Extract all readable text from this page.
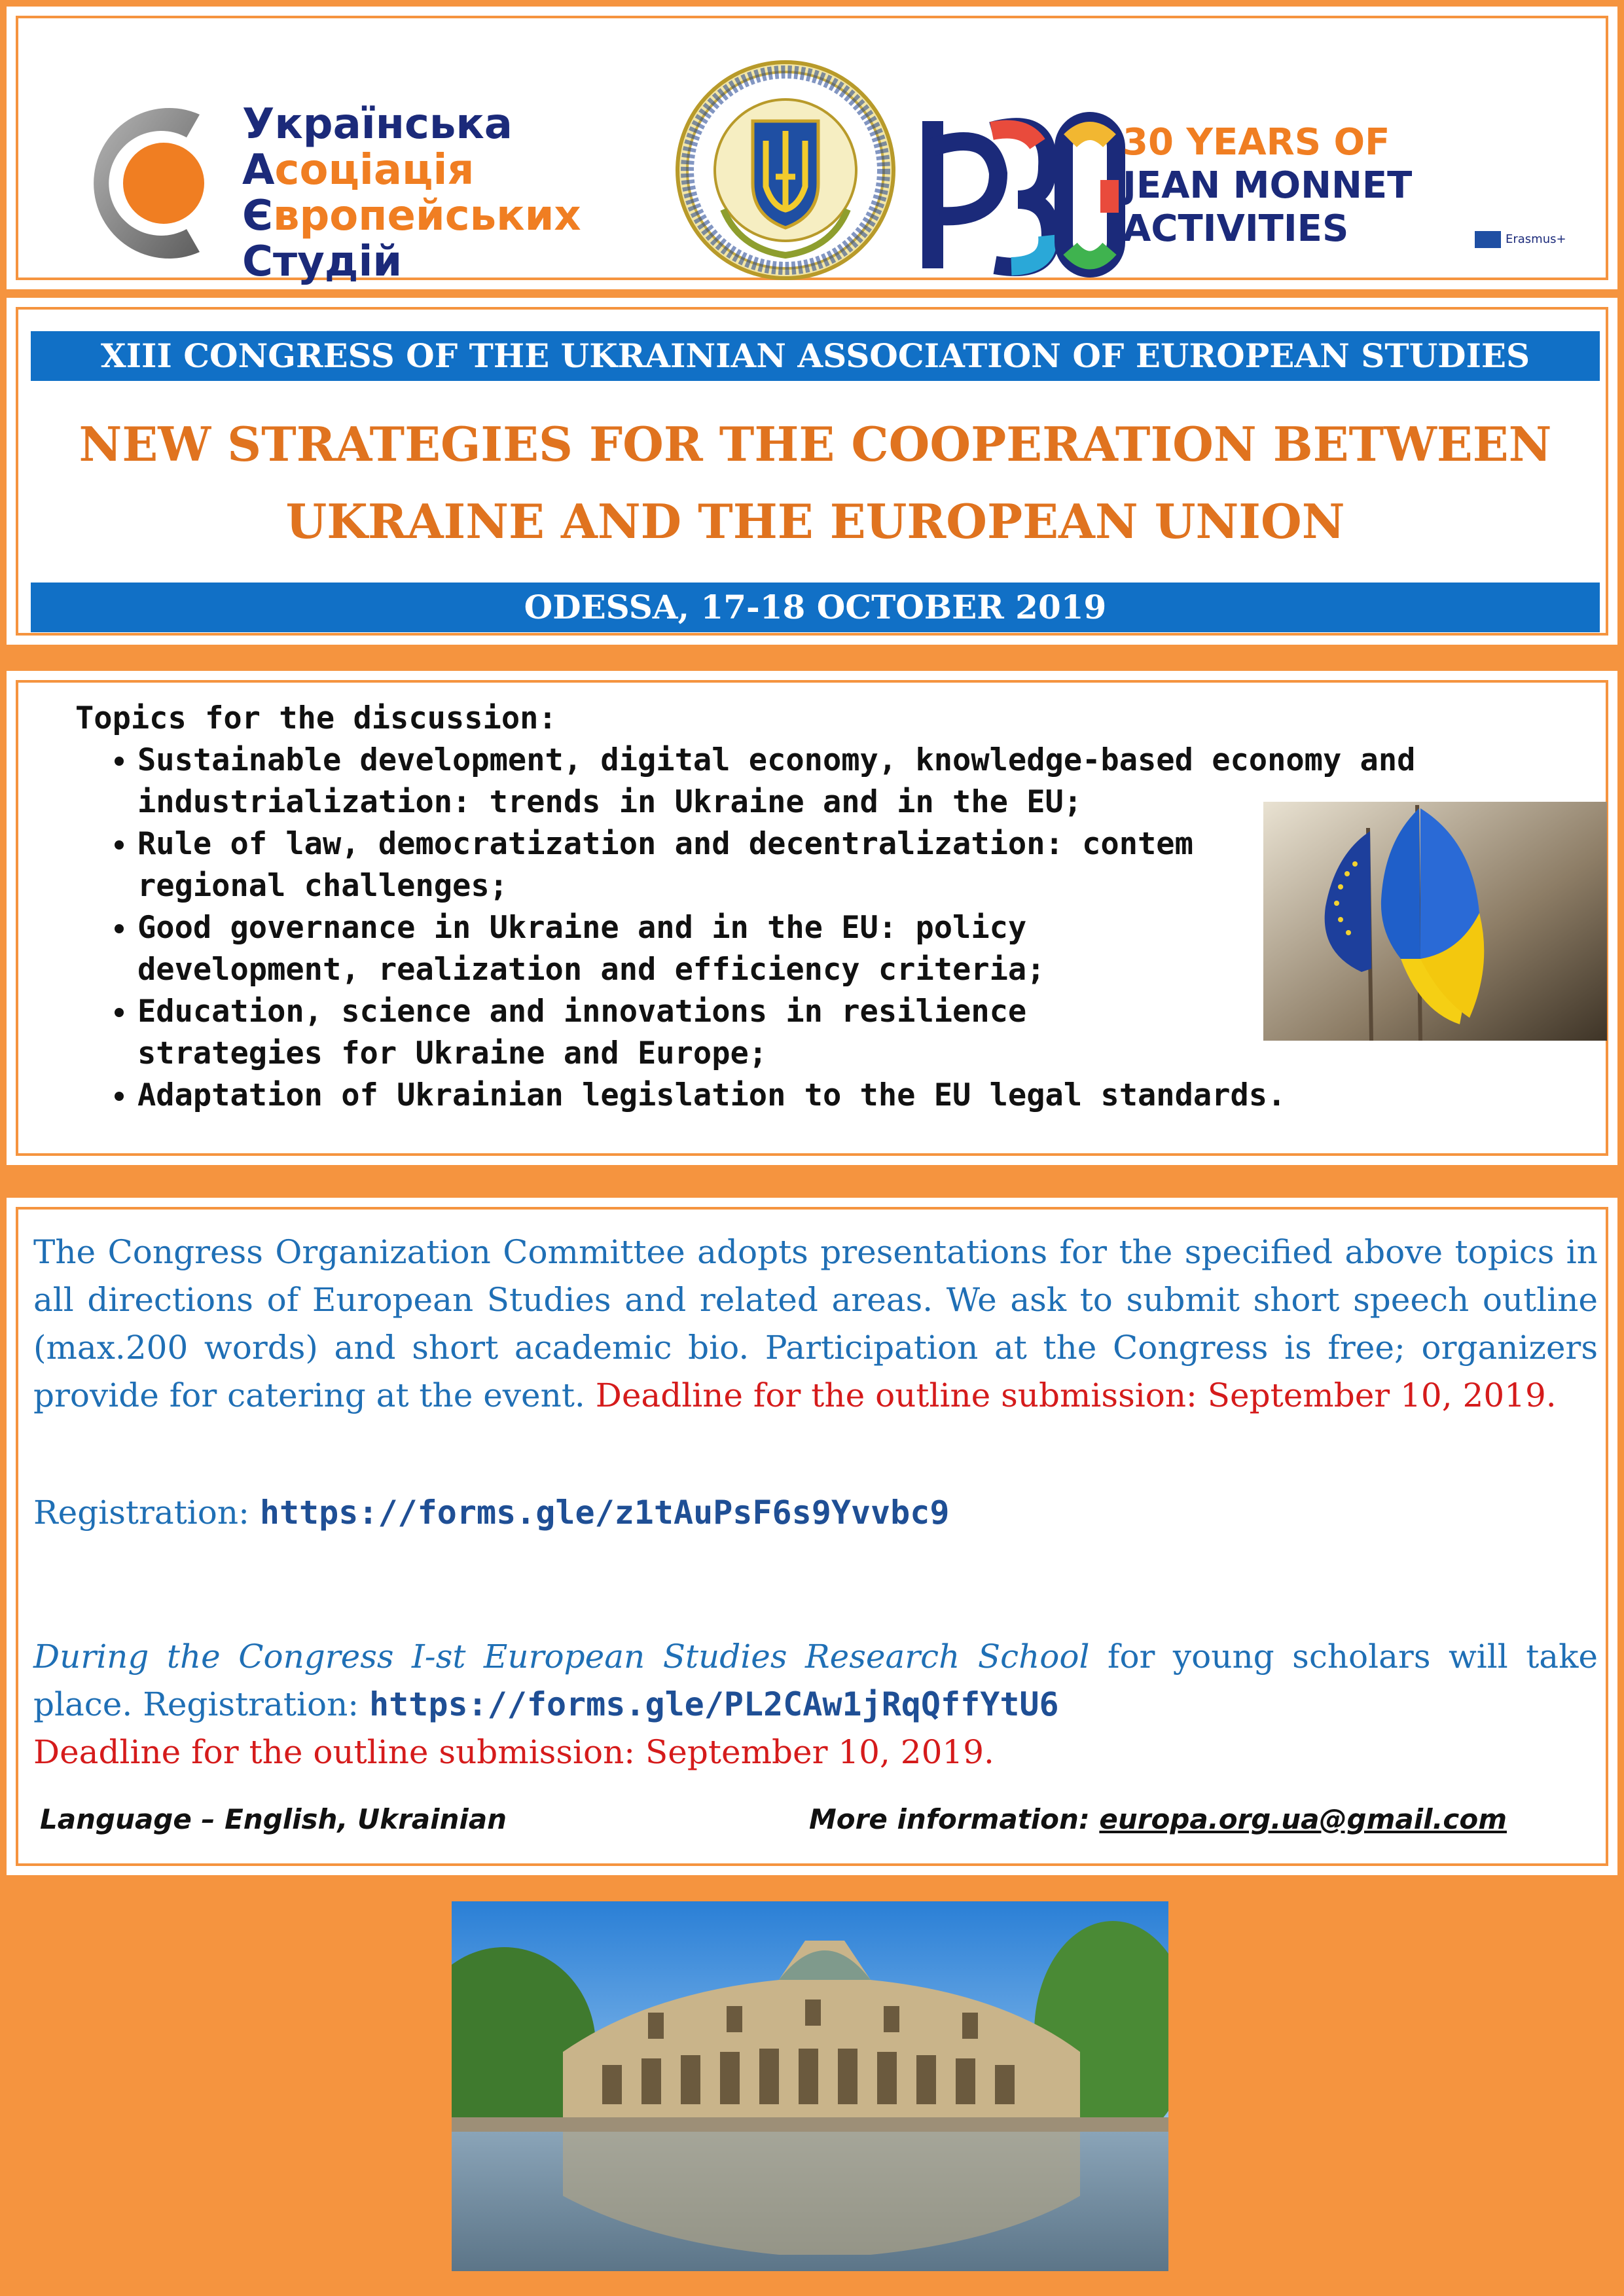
Українська
Асоціація
Європейських
Студій
30 YEARS OF
JEAN MONNET
ACTIVITIES	Erasmus+
XIII CONGRESS OF THE UKRAINIAN ASSOCIATION OF EUROPEAN STUDIES
NEW STRATEGIES FOR THE COOPERATION BETWEEN
UKRAINE AND THE EUROPEAN UNION
ODESSA, 17-18 OCTOBER 2019
Topics for the discussion:
• Sustainable development, digital economy, knowledge-based economy and industrialization: trends in Ukraine and in the EU;
• Rule of law, democratization and decentralization: contem regional challenges;
• Good governance in Ukraine and in the EU: policy development, realization and efficiency criteria;
• Education, science and innovations in resilience strategies for Ukraine and Europe;
• Adaptation of Ukrainian legislation to the EU legal standards.
The Congress Organization Committee adopts presentations for the specified above topics in all directions of European Studies and related areas. We ask to submit short speech outline (max.200 words) and short academic bio. Participation at the Congress is free; organizers provide for catering at the event. Deadline for the outline submission: September 10, 2019.
Registration: https://forms.gle/z1tAuPsF6s9Yvvbc9
During the Congress I-st European Studies Research School for young scholars will take place. Registration: https://forms.gle/PL2CAw1jRqQffYtU6
Deadline for the outline submission: September 10, 2019.
Language – English, Ukrainian	More information: europa.org.ua@gmail.com
